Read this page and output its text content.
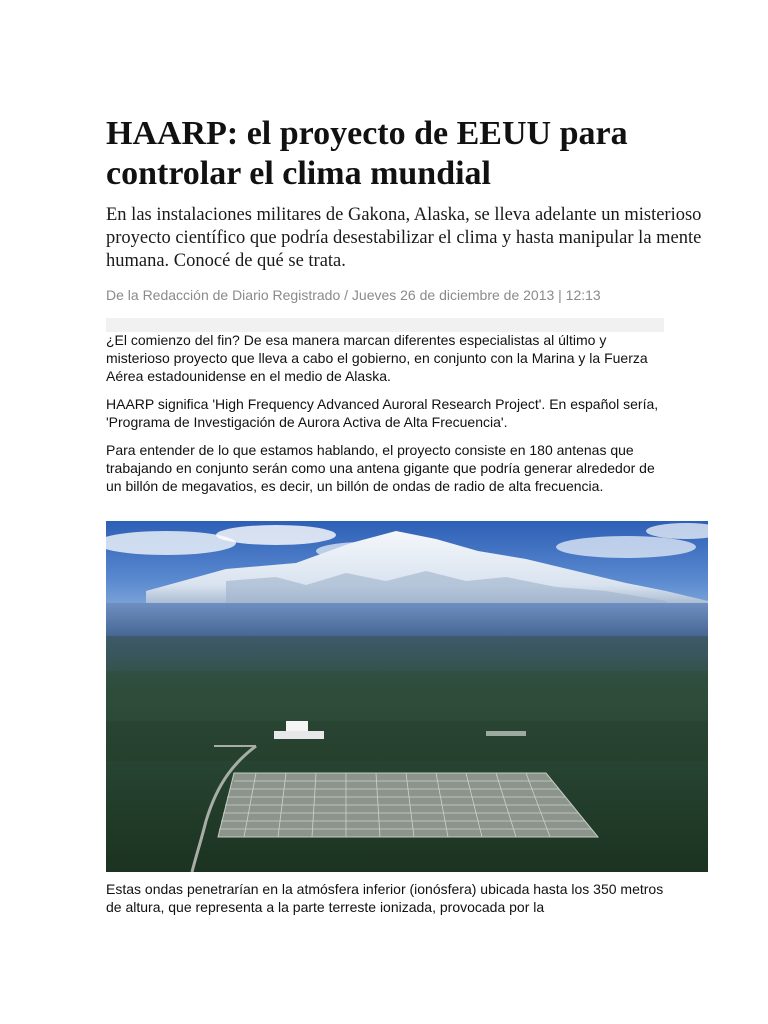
HAARP: el proyecto de EEUU para controlar el clima mundial

En las instalaciones militares de Gakona, Alaska, se lleva adelante un misterioso proyecto científico que podría desestabilizar el clima y hasta manipular la mente humana. Conocé de qué se trata.

De la Redacción de Diario Registrado / Jueves 26 de diciembre de 2013 | 12:13

¿El comienzo del fin? De esa manera marcan diferentes especialistas al último y misterioso proyecto que lleva a cabo el gobierno, en conjunto con la Marina y la Fuerza Aérea estadounidense en el medio de Alaska.

HAARP significa 'High Frequency Advanced Auroral Research Project'. En español sería, 'Programa de Investigación de Aurora Activa de Alta Frecuencia'.

Para entender de lo que estamos hablando, el proyecto consiste en 180 antenas que trabajando en conjunto serán como una antena gigante que podría generar alrededor de un billón de megavatios, es decir, un billón de ondas de radio de alta frecuencia.

Estas ondas penetrarían en la atmósfera inferior (ionósfera) ubicada hasta los 350 metros de altura, que representa a la parte terreste ionizada, provocada por la
